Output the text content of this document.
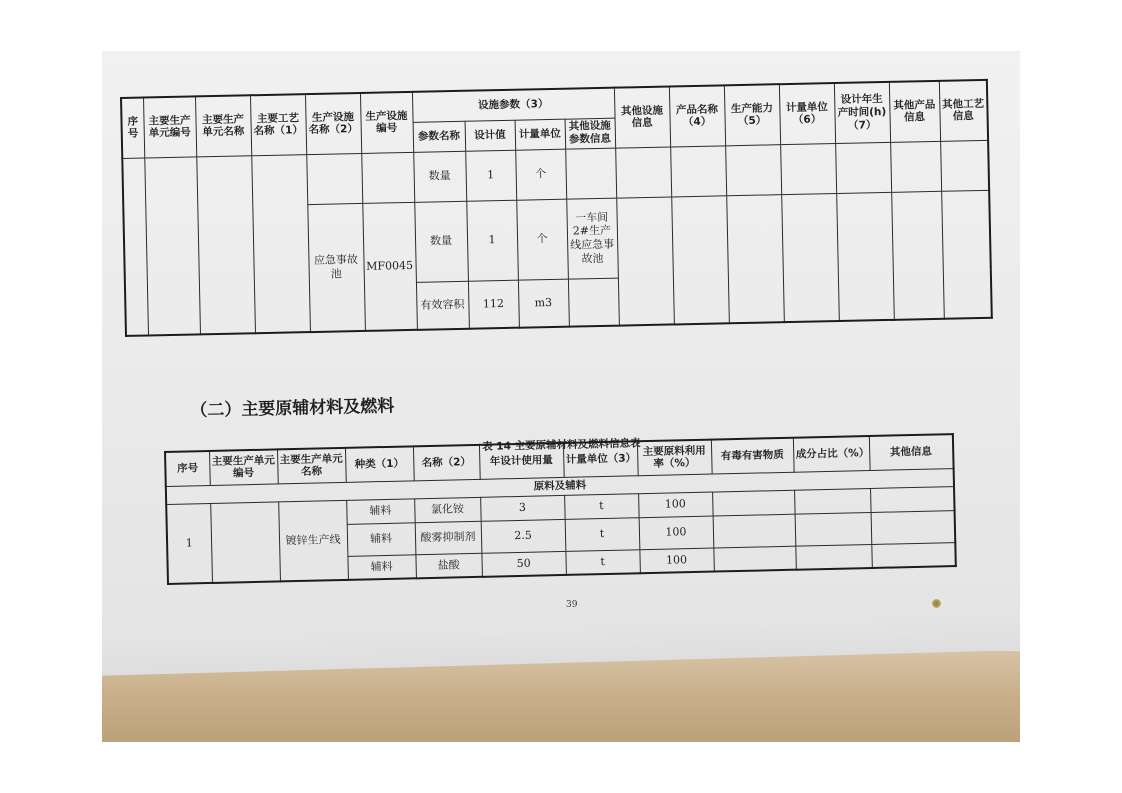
序号	主要生产单元编号	主要生产单元名称	主要工艺名称（1）	生产设施名称（2）	生产设施编号	设施参数（3）				其他设施信息	产品名称（4）	生产能力（5）	计量单位（6）	设计年生产时间(h)（7）	其他产品信息	其他工艺信息
						参数名称	设计值	计量单位	其他设施参数信息							
						数量	1	个								
				应急事故池	MF0045	数量	1	个	一车间2#生产线应急事故池							
						有效容积	112	m3								
（二）主要原辅材料及燃料
表 14 主要原辅材料及燃料信息表
序号	主要生产单元编号	主要生产单元名称	种类（1）	名称（2）	年设计使用量	计量单位（3）	主要原料利用率（%）	有毒有害物质	成分占比（%）	其他信息
原料及辅料										
1		镀锌生产线	辅料	氯化铵	3	t	100			
			辅料	酸雾抑制剂	2.5	t	100			
			辅料	盐酸	50	t	100			
39
